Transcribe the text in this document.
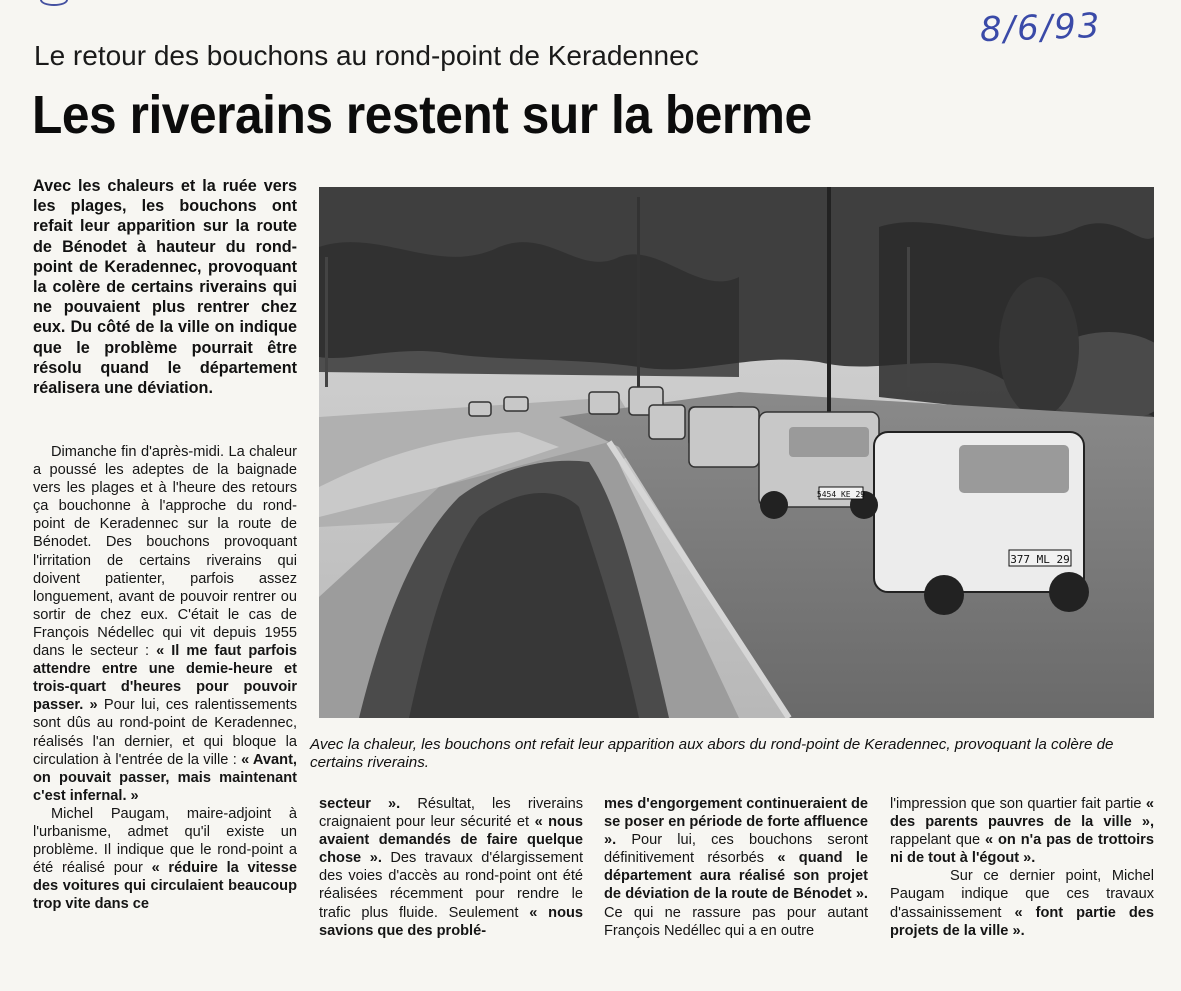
8/6/93
Le retour des bouchons au rond-point de Keradennec
Les riverains restent sur la berme

Avec les chaleurs et la ruée vers les plages, les bouchons ont refait leur apparition sur la route de Bénodet à hauteur du rond-point de Keradennec, provoquant la colère de certains riverains qui ne pouvaient plus rentrer chez eux. Du côté de la ville on indique que le problème pourrait être résolu quand le département réalisera une déviation.

377 ML 29
5454 KE 29

Avec la chaleur, les bouchons ont refait leur apparition aux abors du rond-point de Keradennec, provoquant la colère de certains riverains.

Dimanche fin d'après-midi. La chaleur a poussé les adeptes de la baignade vers les plages et à l'heure des retours ça bouchonne à l'approche du rond-point de Keradennec sur la route de Bénodet. Des bouchons provoquant l'irritation de certains riverains qui doivent patienter, parfois assez longuement, avant de pouvoir rentrer ou sortir de chez eux. C'était le cas de François Nédellec qui vit depuis 1955 dans le secteur : « Il me faut parfois attendre entre une demie-heure et trois-quart d'heures pour pouvoir passer. » Pour lui, ces ralentissements sont dûs au rond-point de Keradennec, réalisés l'an dernier, et qui bloque la circulation à l'entrée de la ville : « Avant, on pouvait passer, mais maintenant c'est infernal. »

Michel Paugam, maire-adjoint à l'urbanisme, admet qu'il existe un problème. Il indique que le rond-point a été réalisé pour « réduire la vitesse des voitures qui circulaient beaucoup trop vite dans ce

secteur ». Résultat, les riverains craignaient pour leur sécurité et « nous avaient demandés de faire quelque chose ». Des travaux d'élargissement des voies d'accès au rond-point ont été réalisées récemment pour rendre le trafic plus fluide. Seulement « nous savions que des problé-

mes d'engorgement continueraient de se poser en période de forte affluence ». Pour lui, ces bouchons seront définitivement résorbés « quand le département aura réalisé son projet de déviation de la route de Bénodet ». Ce qui ne rassure pas pour autant François Nedéllec qui a en outre

l'impression que son quartier fait partie « des parents pauvres de la ville », rappelant que « on n'a pas de trottoirs ni de tout à l'égout ».

Sur ce dernier point, Michel Paugam indique que ces travaux d'assainissement « font partie des projets de la ville ».
